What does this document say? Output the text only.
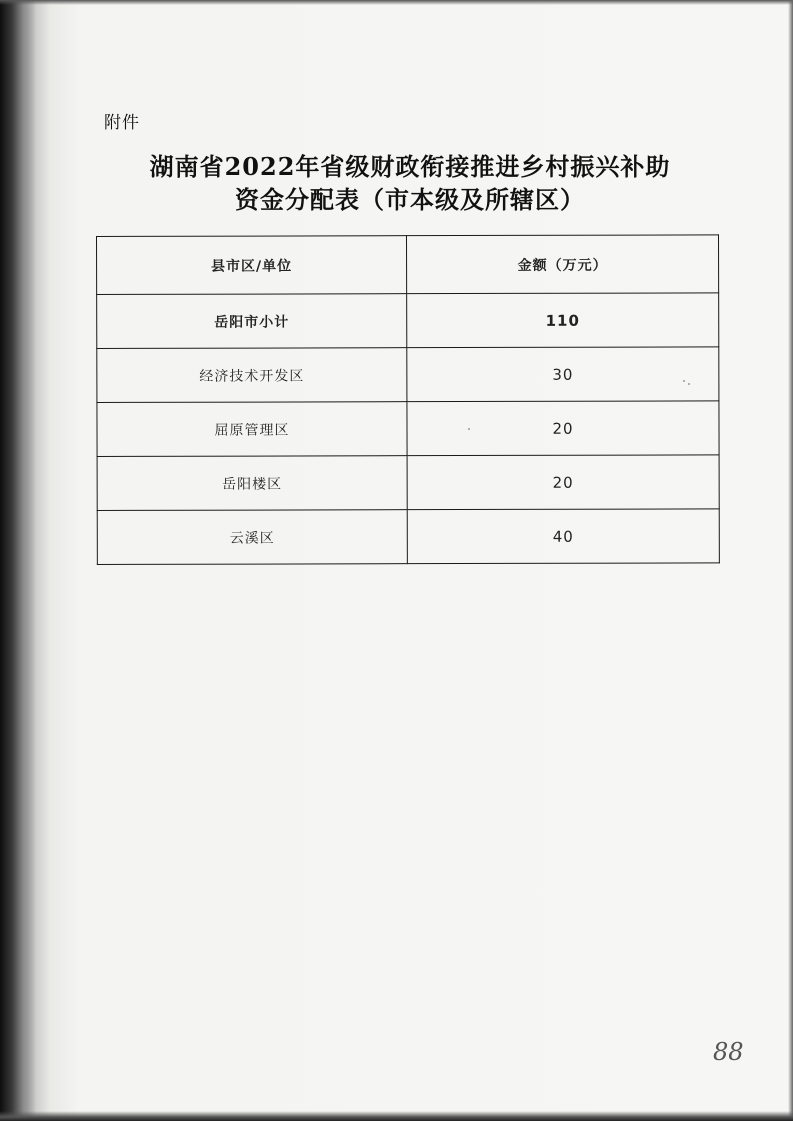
附件
湖南省2022年省级财政衔接推进乡村振兴补助
资金分配表（市本级及所辖区）
县市区/单位	金额（万元）
岳阳市小计	110
经济技术开发区	30
屈原管理区	20
岳阳楼区	20
云溪区	40
88
